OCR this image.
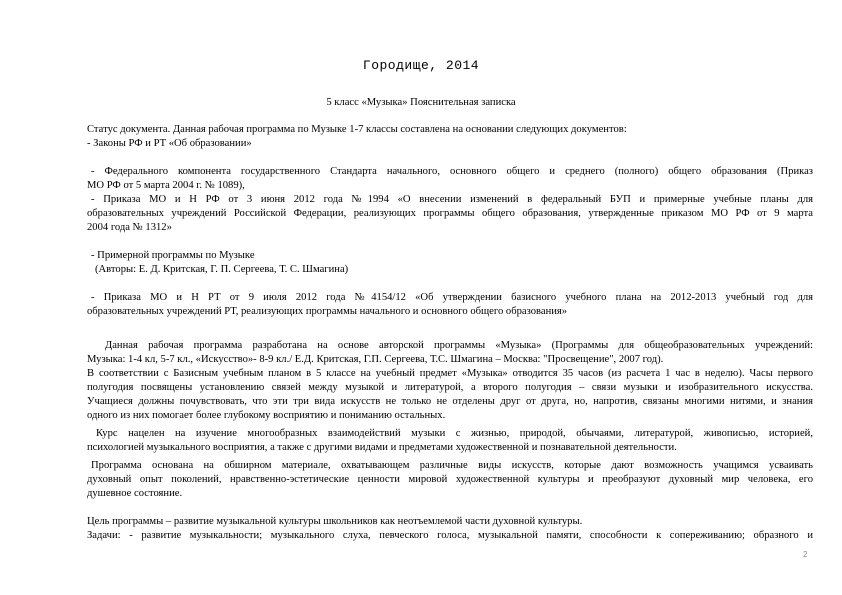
Городище, 2014
5 класс «Музыка» Пояснительная записка
Статус документа. Данная рабочая программа по Музыке 1-7 классы составлена на основании следующих документов:
- Законы РФ и РТ «Об образовании»
- Федерального компонента государственного Стандарта начального, основного общего и среднего (полного) общего образования (Приказ
МО РФ от 5 марта 2004 г. № 1089),
- Приказа МО и Н РФ от 3 июня 2012 года №1994 «О внесении изменений в федеральный БУП и примерные учебные планы для
образовательных учреждений Российской Федерации, реализующих программы общего образования, утвержденные приказом МО РФ от 9 марта
2004 года № 1312»
- Примерной программы по Музыке
(Авторы: Е. Д. Критская, Г. П. Сергеева, Т. С. Шмагина)
- Приказа МО и Н РТ от 9 июля 2012 года №4154/12 «Об утверждении базисного учебного плана на 2012-2013 учебный год для
образовательных учреждений РТ, реализующих программы начального и основного общего образования»
Данная рабочая программа разработана на основе авторской программы «Музыка» (Программы для общеобразовательных учреждений:
Музыка: 1-4 кл, 5-7 кл., «Искусство»- 8-9 кл./ Е.Д. Критская, Г.П. Сергеева, Т.С. Шмагина – Москва: "Просвещение", 2007 год).
В соответствии с Базисным учебным планом в 5 классе на учебный предмет «Музыка» отводится 35 часов (из расчета 1 час в неделю). Часы первого
полугодия посвящены установлению связей между музыкой и литературой, а второго полугодия – связи музыки и изобразительного искусства.
Учащиеся должны почувствовать, что эти три вида искусств не только не отделены друг от друга, но, напротив, связаны многими нитями, и знания
одного из них помогает более глубокому восприятию и пониманию остальных.
Курс нацелен на изучение многообразных взаимодействий музыки с жизнью, природой, обычаями, литературой, живописью, историей,
психологией музыкального восприятия, а также с другими видами и предметами художественной и познавательной деятельности.
Программа основана на обширном материале, охватывающем различные виды искусств, которые дают возможность учащимся усваивать
духовный опыт поколений, нравственно-эстетические ценности мировой художественной культуры и преобразуют духовный мир человека, его
душевное состояние.
Цель программы – развитие музыкальной культуры школьников как неотъемлемой части духовной культуры.
Задачи: - развитие музыкальности; музыкального слуха, певческого голоса, музыкальной памяти, способности к сопереживанию; образного и
2
